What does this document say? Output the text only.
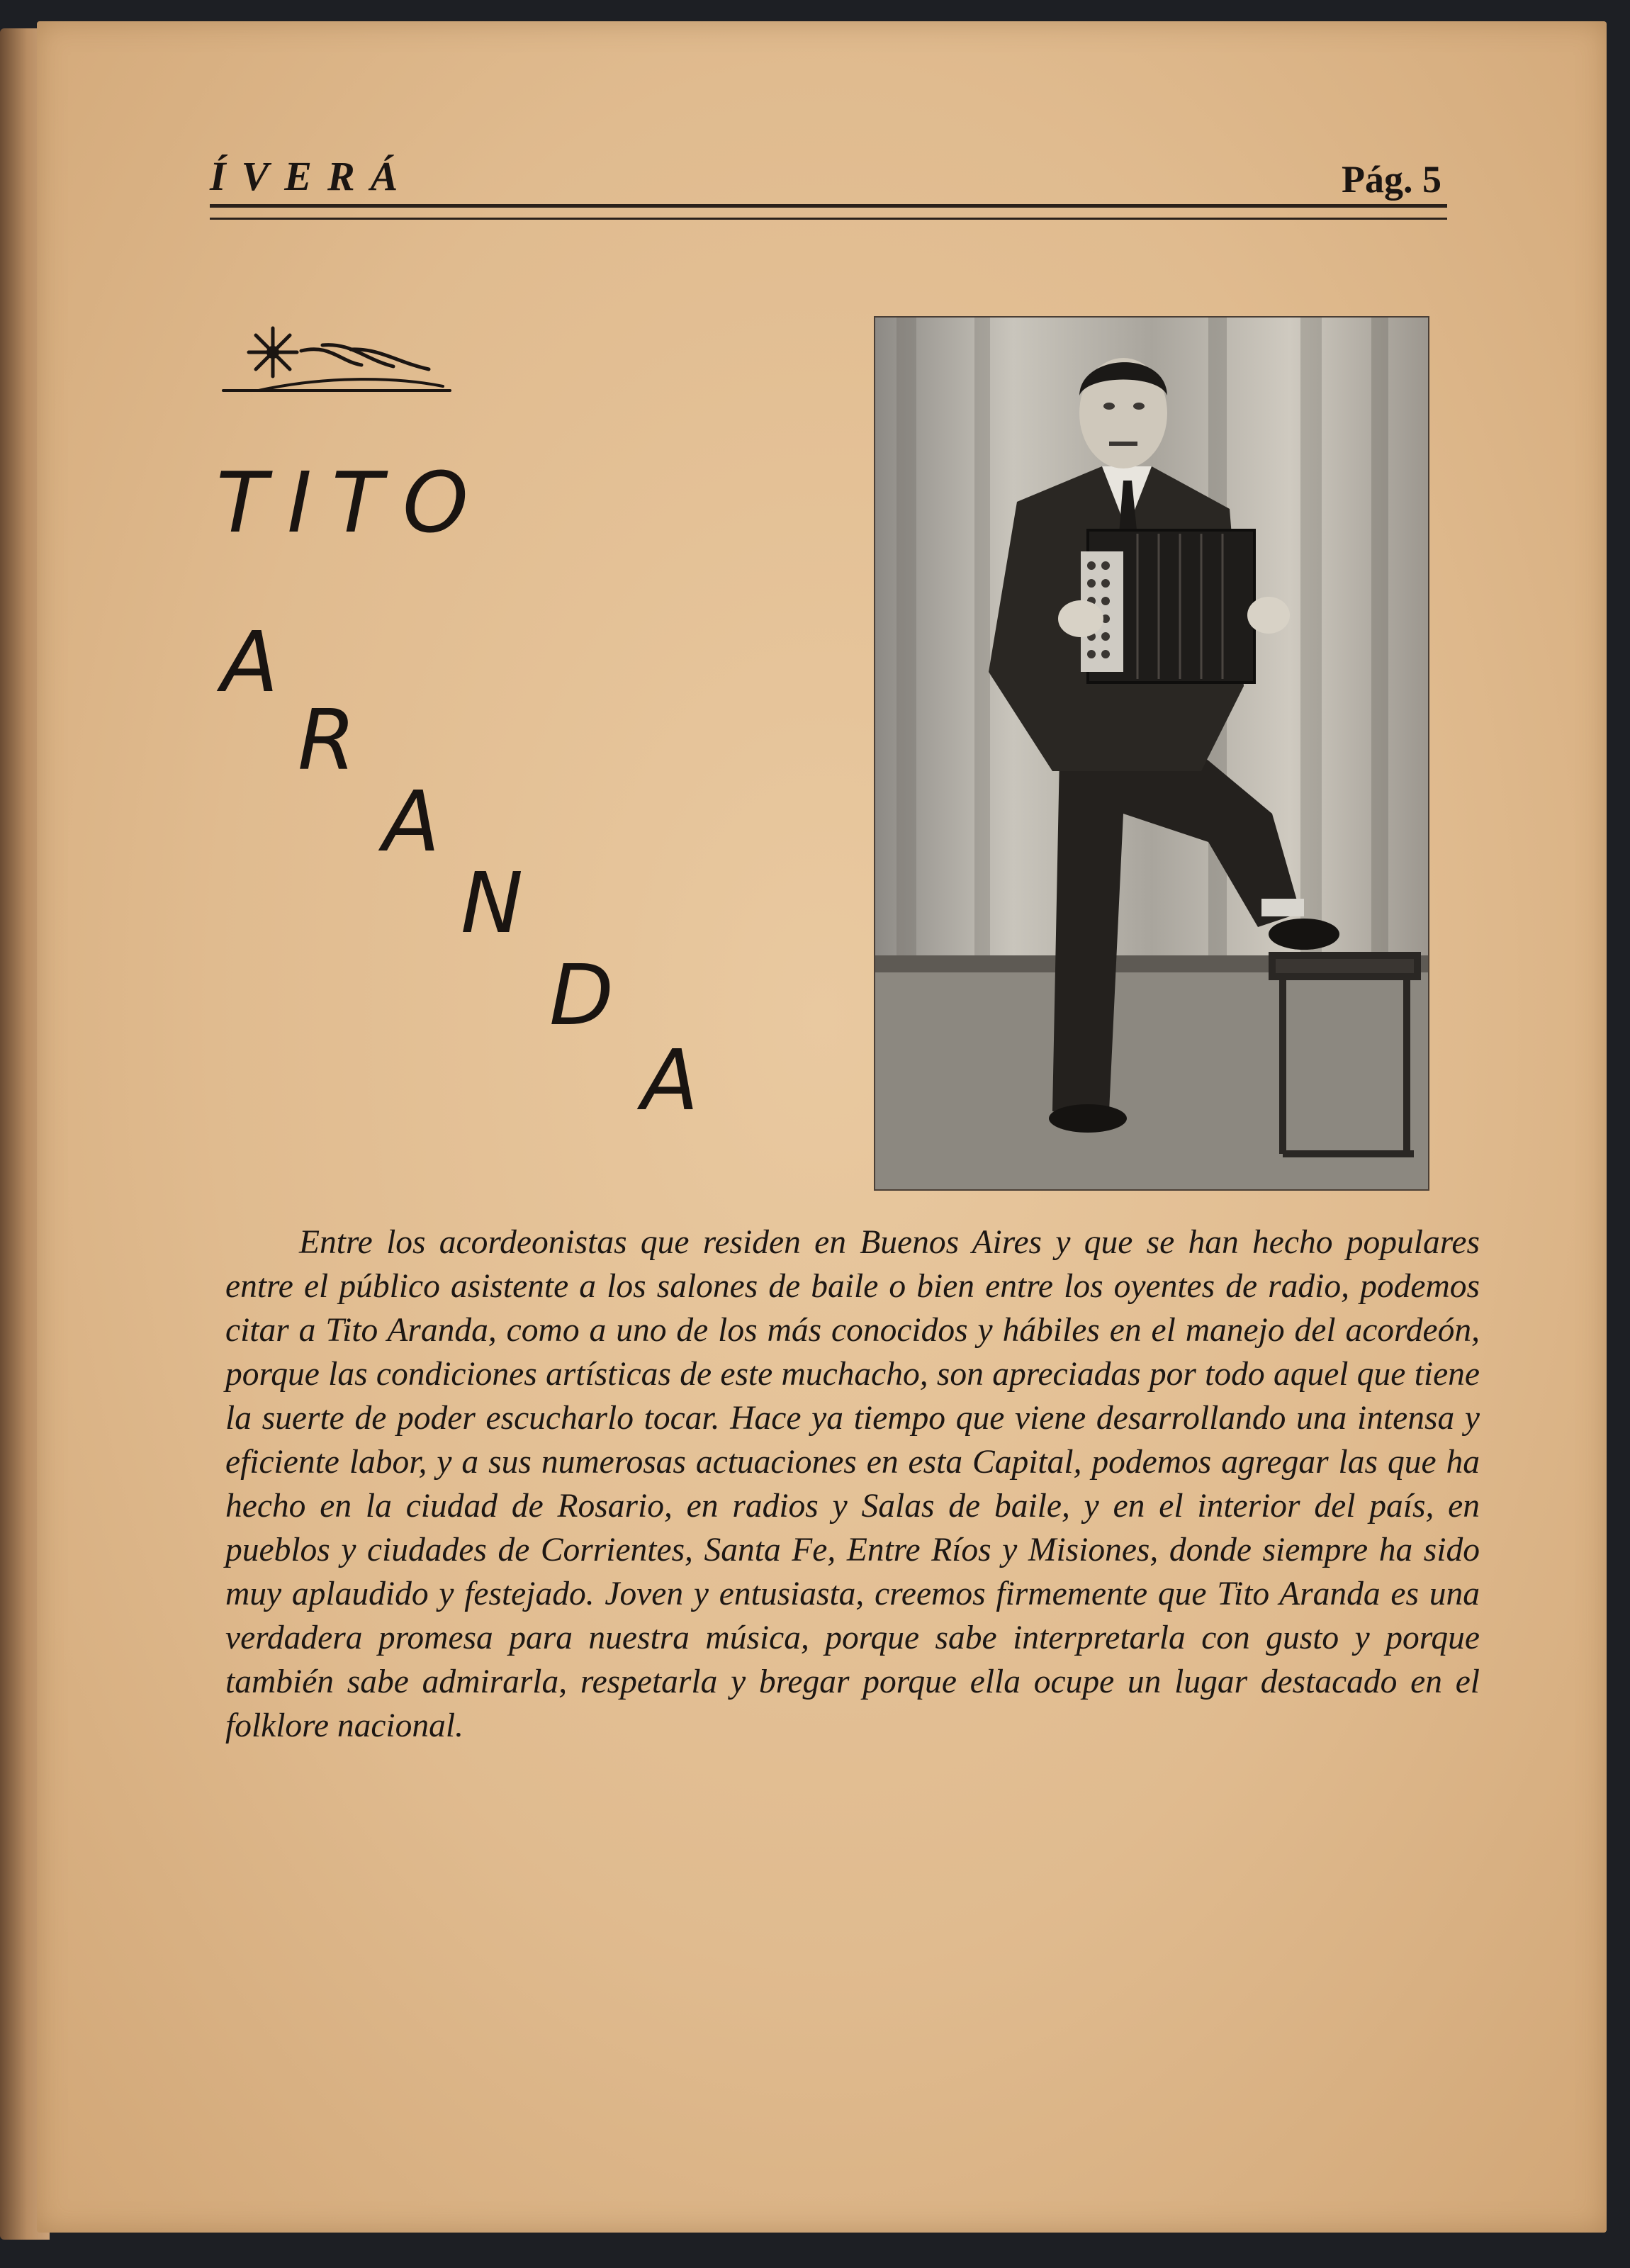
ÍVERÁ	Pág. 5
TITO
A
R
A
N
D
A

Entre los acordeonistas que residen en Buenos Aires y que se han hecho populares entre el público asistente a los salones de baile o bien entre los oyentes de radio, podemos citar a Tito Aranda, como a uno de los más conocidos y hábiles en el manejo del acordeón, porque las condiciones artísticas de este muchacho, son apreciadas por todo aquel que tiene la suerte de poder escucharlo tocar. Hace ya tiempo que viene desarrollando una intensa y eficiente labor, y a sus numerosas actuaciones en esta Capital, podemos agregar las que ha hecho en la ciudad de Rosario, en radios y Salas de baile, y en el interior del país, en pueblos y ciudades de Corrientes, Santa Fe, Entre Ríos y Misiones, donde siempre ha sido muy aplaudido y festejado. Joven y entusiasta, creemos firmemente que Tito Aranda es una verdadera promesa para nuestra música, porque sabe interpretarla con gusto y porque también sabe admirarla, respetarla y bregar porque ella ocupe un lugar destacado en el folklore nacional.
